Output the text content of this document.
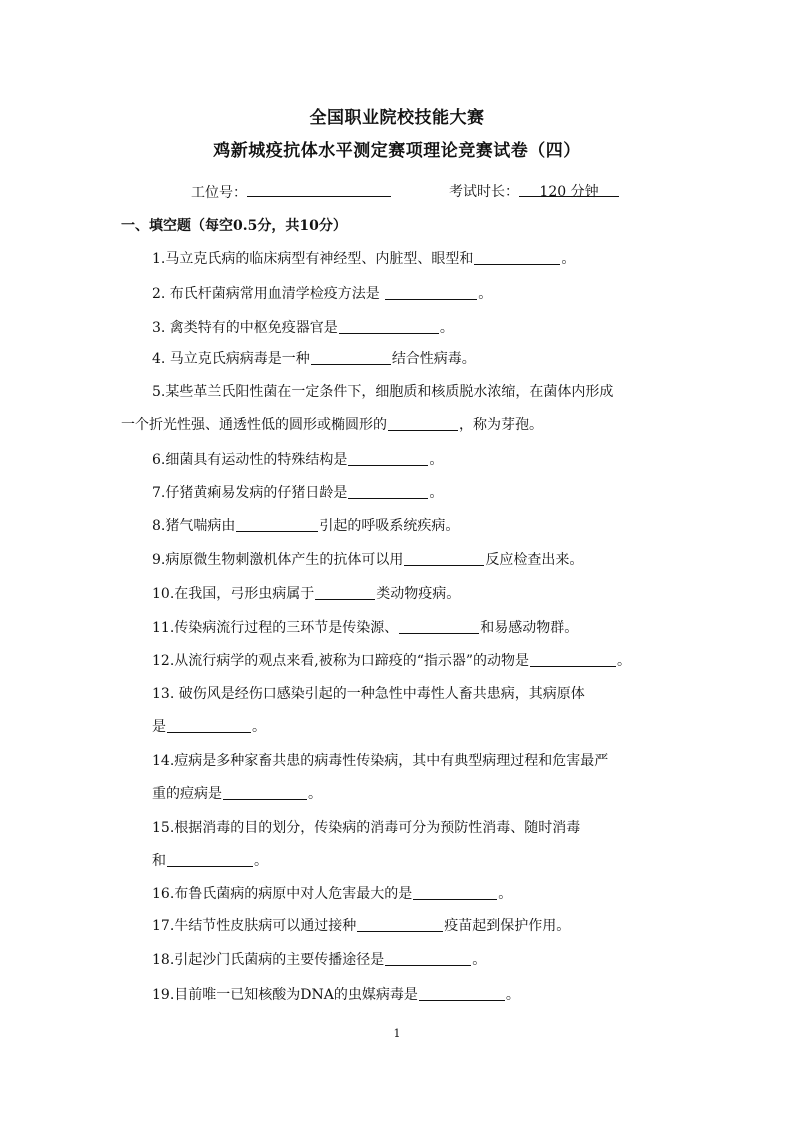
全国职业院校技能大赛
鸡新城疫抗体水平测定赛项理论竞赛试卷（四）
工位号：	考试时长： 120 分钟
一、填空题（每空0.5分，共10分）
1.马立克氏病的临床病型有神经型、内脏型、眼型和	。
2. 布氏杆菌病常用血清学检疫方法是	。
3. 禽类特有的中枢免疫器官是	。
4. 马立克氏病病毒是一种	结合性病毒。
5.某些革兰氏阳性菌在一定条件下，细胞质和核质脱水浓缩，在菌体内形成
一个折光性强、通透性低的圆形或椭圆形的	，称为芽孢。
6.细菌具有运动性的特殊结构是	。
7.仔猪黄痢易发病的仔猪日龄是	。
8.猪气喘病由	引起的呼吸系统疾病。
9.病原微生物刺激机体产生的抗体可以用	反应检查出来。
10.在我国，弓形虫病属于	类动物疫病。
11.传染病流行过程的三环节是传染源、	和易感动物群。
12.从流行病学的观点来看,被称为口蹄疫的“指示器”的动物是	。
13. 破伤风是经伤口感染引起的一种急性中毒性人畜共患病，其病原体
是	。
14.痘病是多种家畜共患的病毒性传染病，其中有典型病理过程和危害最严
重的痘病是	。
15.根据消毒的目的划分，传染病的消毒可分为预防性消毒、随时消毒
和	。
16.布鲁氏菌病的病原中对人危害最大的是	。
17.牛结节性皮肤病可以通过接种	疫苗起到保护作用。
18.引起沙门氏菌病的主要传播途径是	。
19.目前唯一已知核酸为DNA的虫媒病毒是	。
1
